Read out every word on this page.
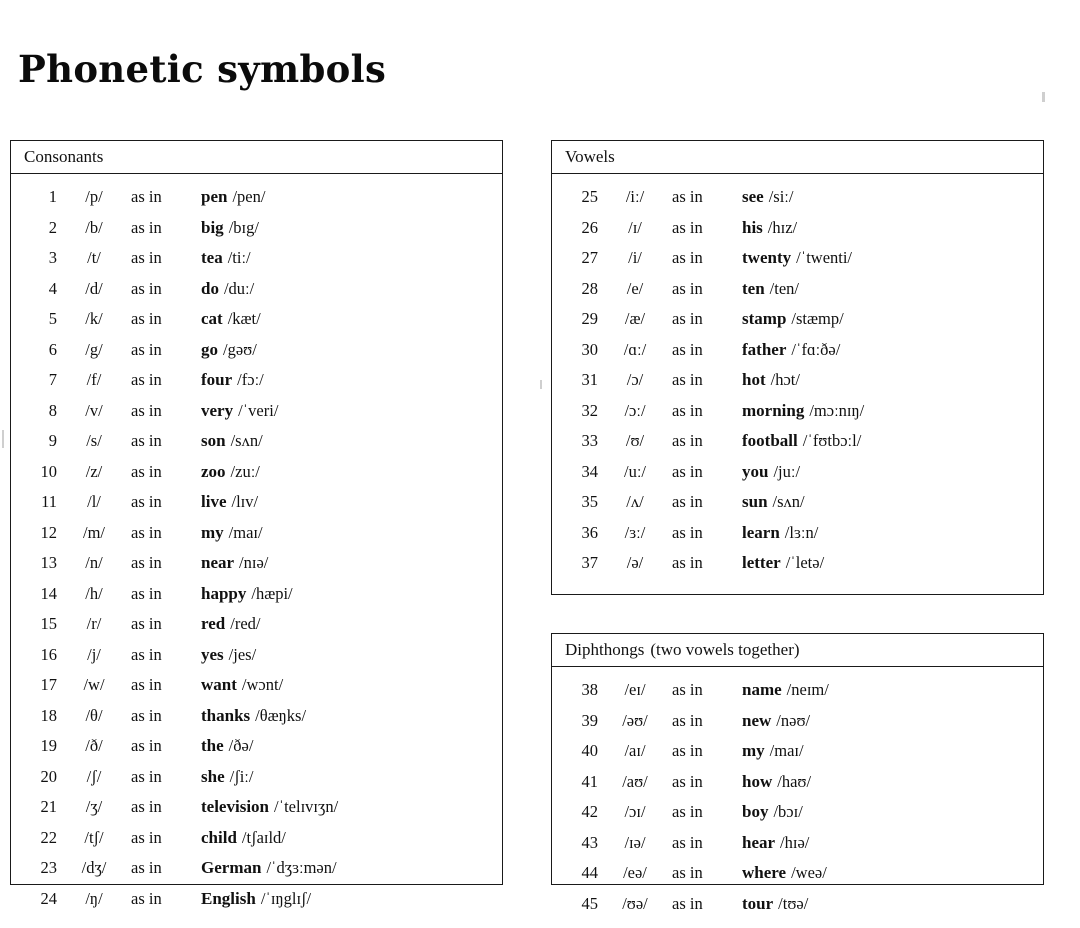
Phonetic symbols
Consonants
1	/p/	as in	pen /pen/
2	/b/	as in	big /bɪg/
3	/t/	as in	tea /tiː/
4	/d/	as in	do /duː/
5	/k/	as in	cat /kæt/
6	/g/	as in	go /gəʊ/
7	/f/	as in	four /fɔː/
8	/v/	as in	very /ˈveri/
9	/s/	as in	son /sʌn/
10	/z/	as in	zoo /zuː/
11	/l/	as in	live /lɪv/
12	/m/	as in	my /maɪ/
13	/n/	as in	near /nɪə/
14	/h/	as in	happy /hæpi/
15	/r/	as in	red /red/
16	/j/	as in	yes /jes/
17	/w/	as in	want /wɔnt/
18	/θ/	as in	thanks /θæŋks/
19	/ð/	as in	the /ðə/
20	/ʃ/	as in	she /ʃiː/
21	/ʒ/	as in	television /ˈtelɪvɪʒn/
22	/tʃ/	as in	child /tʃaɪld/
23	/dʒ/	as in	German /ˈdʒɜːmən/
24	/ŋ/	as in	English /ˈɪŋglɪʃ/
Vowels
25	/iː/	as in	see /siː/
26	/ɪ/	as in	his /hɪz/
27	/i/	as in	twenty /ˈtwenti/
28	/e/	as in	ten /ten/
29	/æ/	as in	stamp /stæmp/
30	/ɑː/	as in	father /ˈfɑːðə/
31	/ɔ/	as in	hot /hɔt/
32	/ɔː/	as in	morning /mɔːnɪŋ/
33	/ʊ/	as in	football /ˈfʊtbɔːl/
34	/uː/	as in	you /juː/
35	/ʌ/	as in	sun /sʌn/
36	/ɜː/	as in	learn /lɜːn/
37	/ə/	as in	letter /ˈletə/
Diphthongs (two vowels together)
38	/eɪ/	as in	name /neɪm/
39	/əʊ/	as in	new /nəʊ/
40	/aɪ/	as in	my /maɪ/
41	/aʊ/	as in	how /haʊ/
42	/ɔɪ/	as in	boy /bɔɪ/
43	/ɪə/	as in	hear /hɪə/
44	/eə/	as in	where /weə/
45	/ʊə/	as in	tour /tʊə/
